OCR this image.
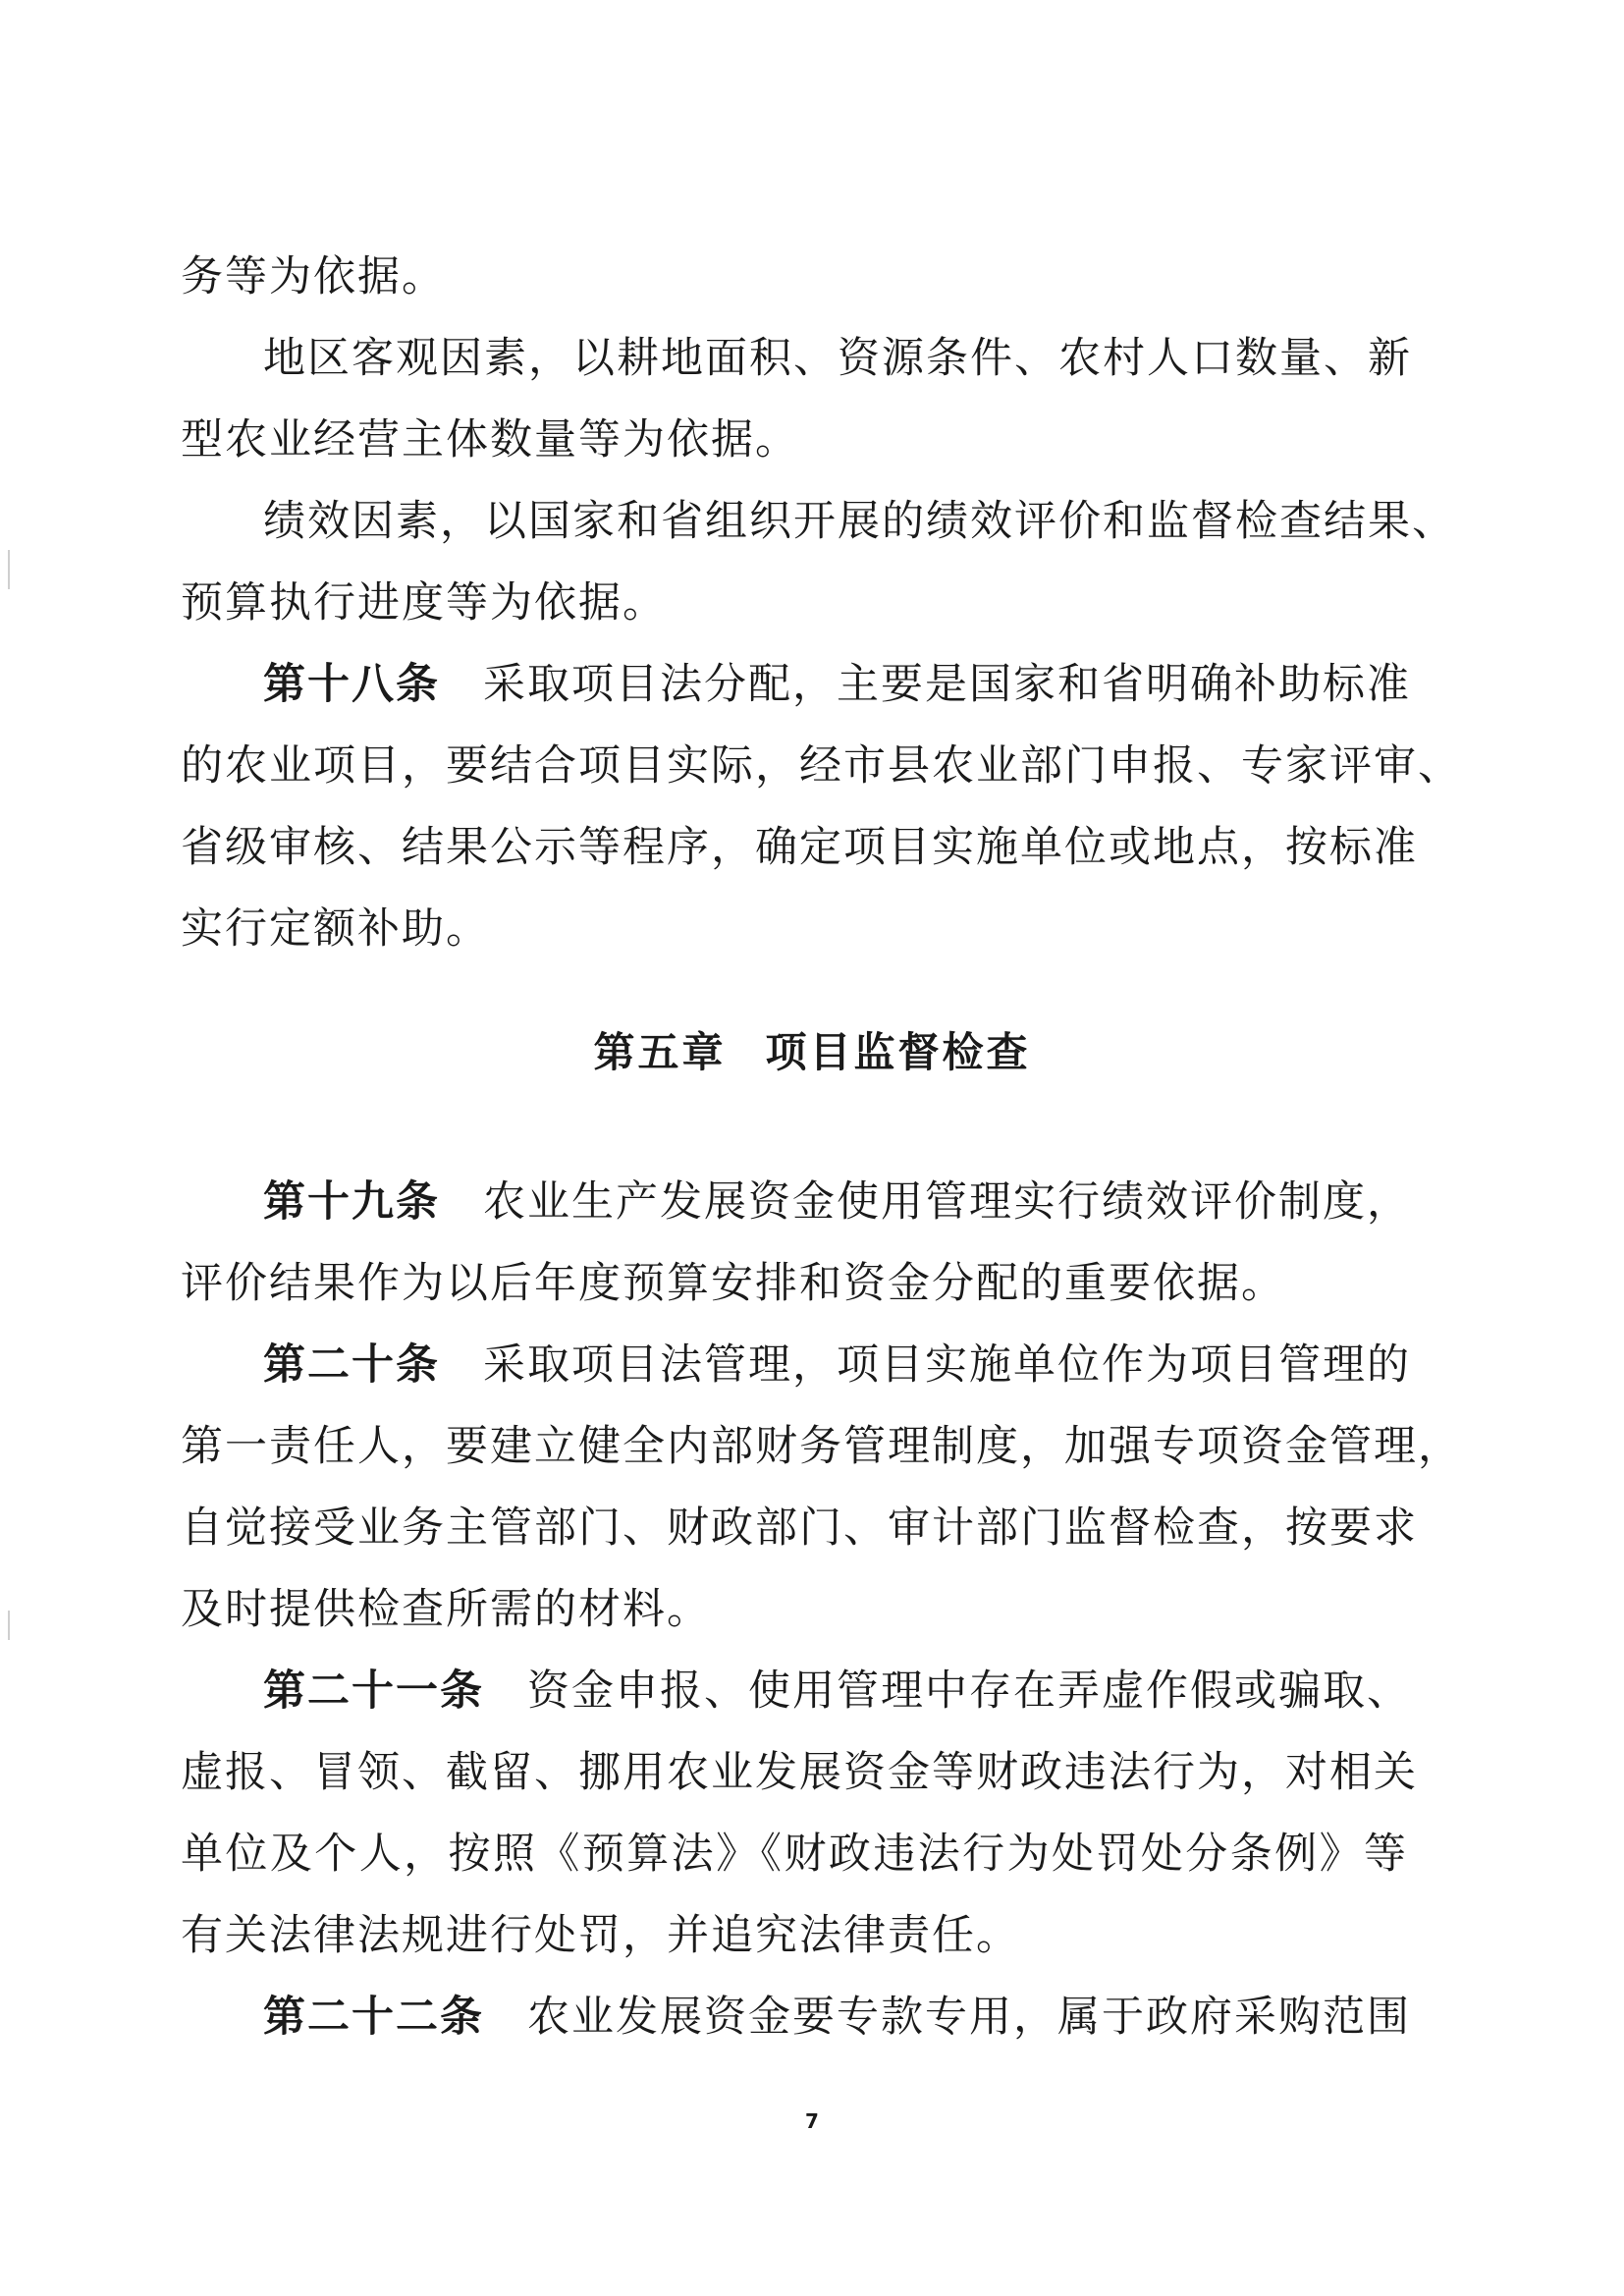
务等为依据。
地区客观因素，以耕地面积、资源条件、农村人口数量、新
型农业经营主体数量等为依据。
绩效因素，以国家和省组织开展的绩效评价和监督检查结果、
预算执行进度等为依据。
第十八条 采取项目法分配，主要是国家和省明确补助标准
的农业项目，要结合项目实际，经市县农业部门申报、专家评审、
省级审核、结果公示等程序，确定项目实施单位或地点，按标准
实行定额补助。
第五章 项目监督检查
第十九条 农业生产发展资金使用管理实行绩效评价制度，
评价结果作为以后年度预算安排和资金分配的重要依据。
第二十条 采取项目法管理，项目实施单位作为项目管理的
第一责任人，要建立健全内部财务管理制度，加强专项资金管理，
自觉接受业务主管部门、财政部门、审计部门监督检查，按要求
及时提供检查所需的材料。
第二十一条 资金申报、使用管理中存在弄虚作假或骗取、
虚报、冒领、截留、挪用农业发展资金等财政违法行为，对相关
单位及个人，按照《预算法》《财政违法行为处罚处分条例》等
有关法律法规进行处罚，并追究法律责任。
第二十二条 农业发展资金要专款专用，属于政府采购范围
7
